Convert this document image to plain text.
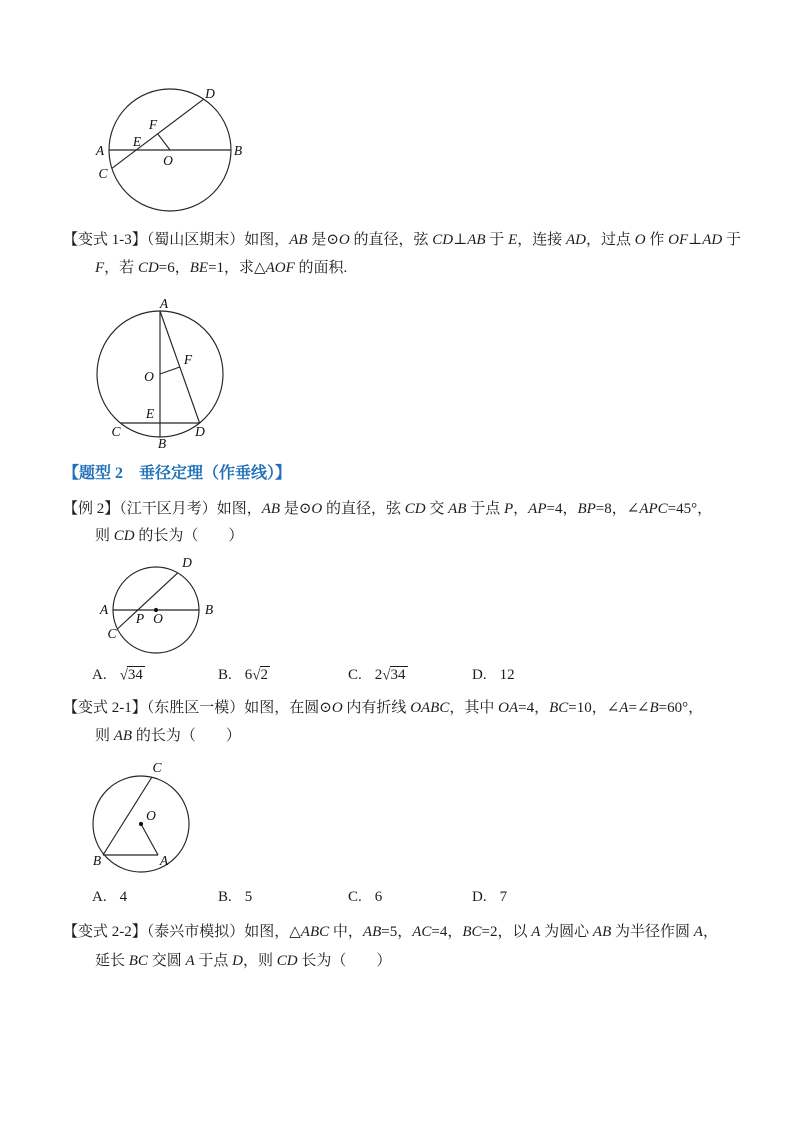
A	B
C
D
E
F
O
【变式 1-3】（蜀山区期末）如图，AB 是⊙O 的直径，弦 CD⊥AB 于 E，连接 AD，过点 O 作 OF⊥AD 于
F，若 CD=6，BE=1，求△AOF 的面积.
A
O
F
E
C
B
D
【题型 2　垂径定理（作垂线）】
【例 2】（江干区月考）如图，AB 是⊙O 的直径，弦 CD 交 AB 于点 P，AP=4，BP=8，∠APC=45°，
则 CD 的长为（　　）
A	B
P O
C
D
A. √34	B. 6√2	C. 2√34	D. 12
【变式 2-1】（东胜区一模）如图，在圆⊙O 内有折线 OABC，其中 OA=4，BC=10，∠A=∠B=60°，
则 AB 的长为（　　）
C
O
B	A
A. 4	B. 5	C. 6	D. 7
【变式 2-2】（泰兴市模拟）如图，△ABC 中，AB=5，AC=4，BC=2，以 A 为圆心 AB 为半径作圆 A，
延长 BC 交圆 A 于点 D，则 CD 长为（　　）
